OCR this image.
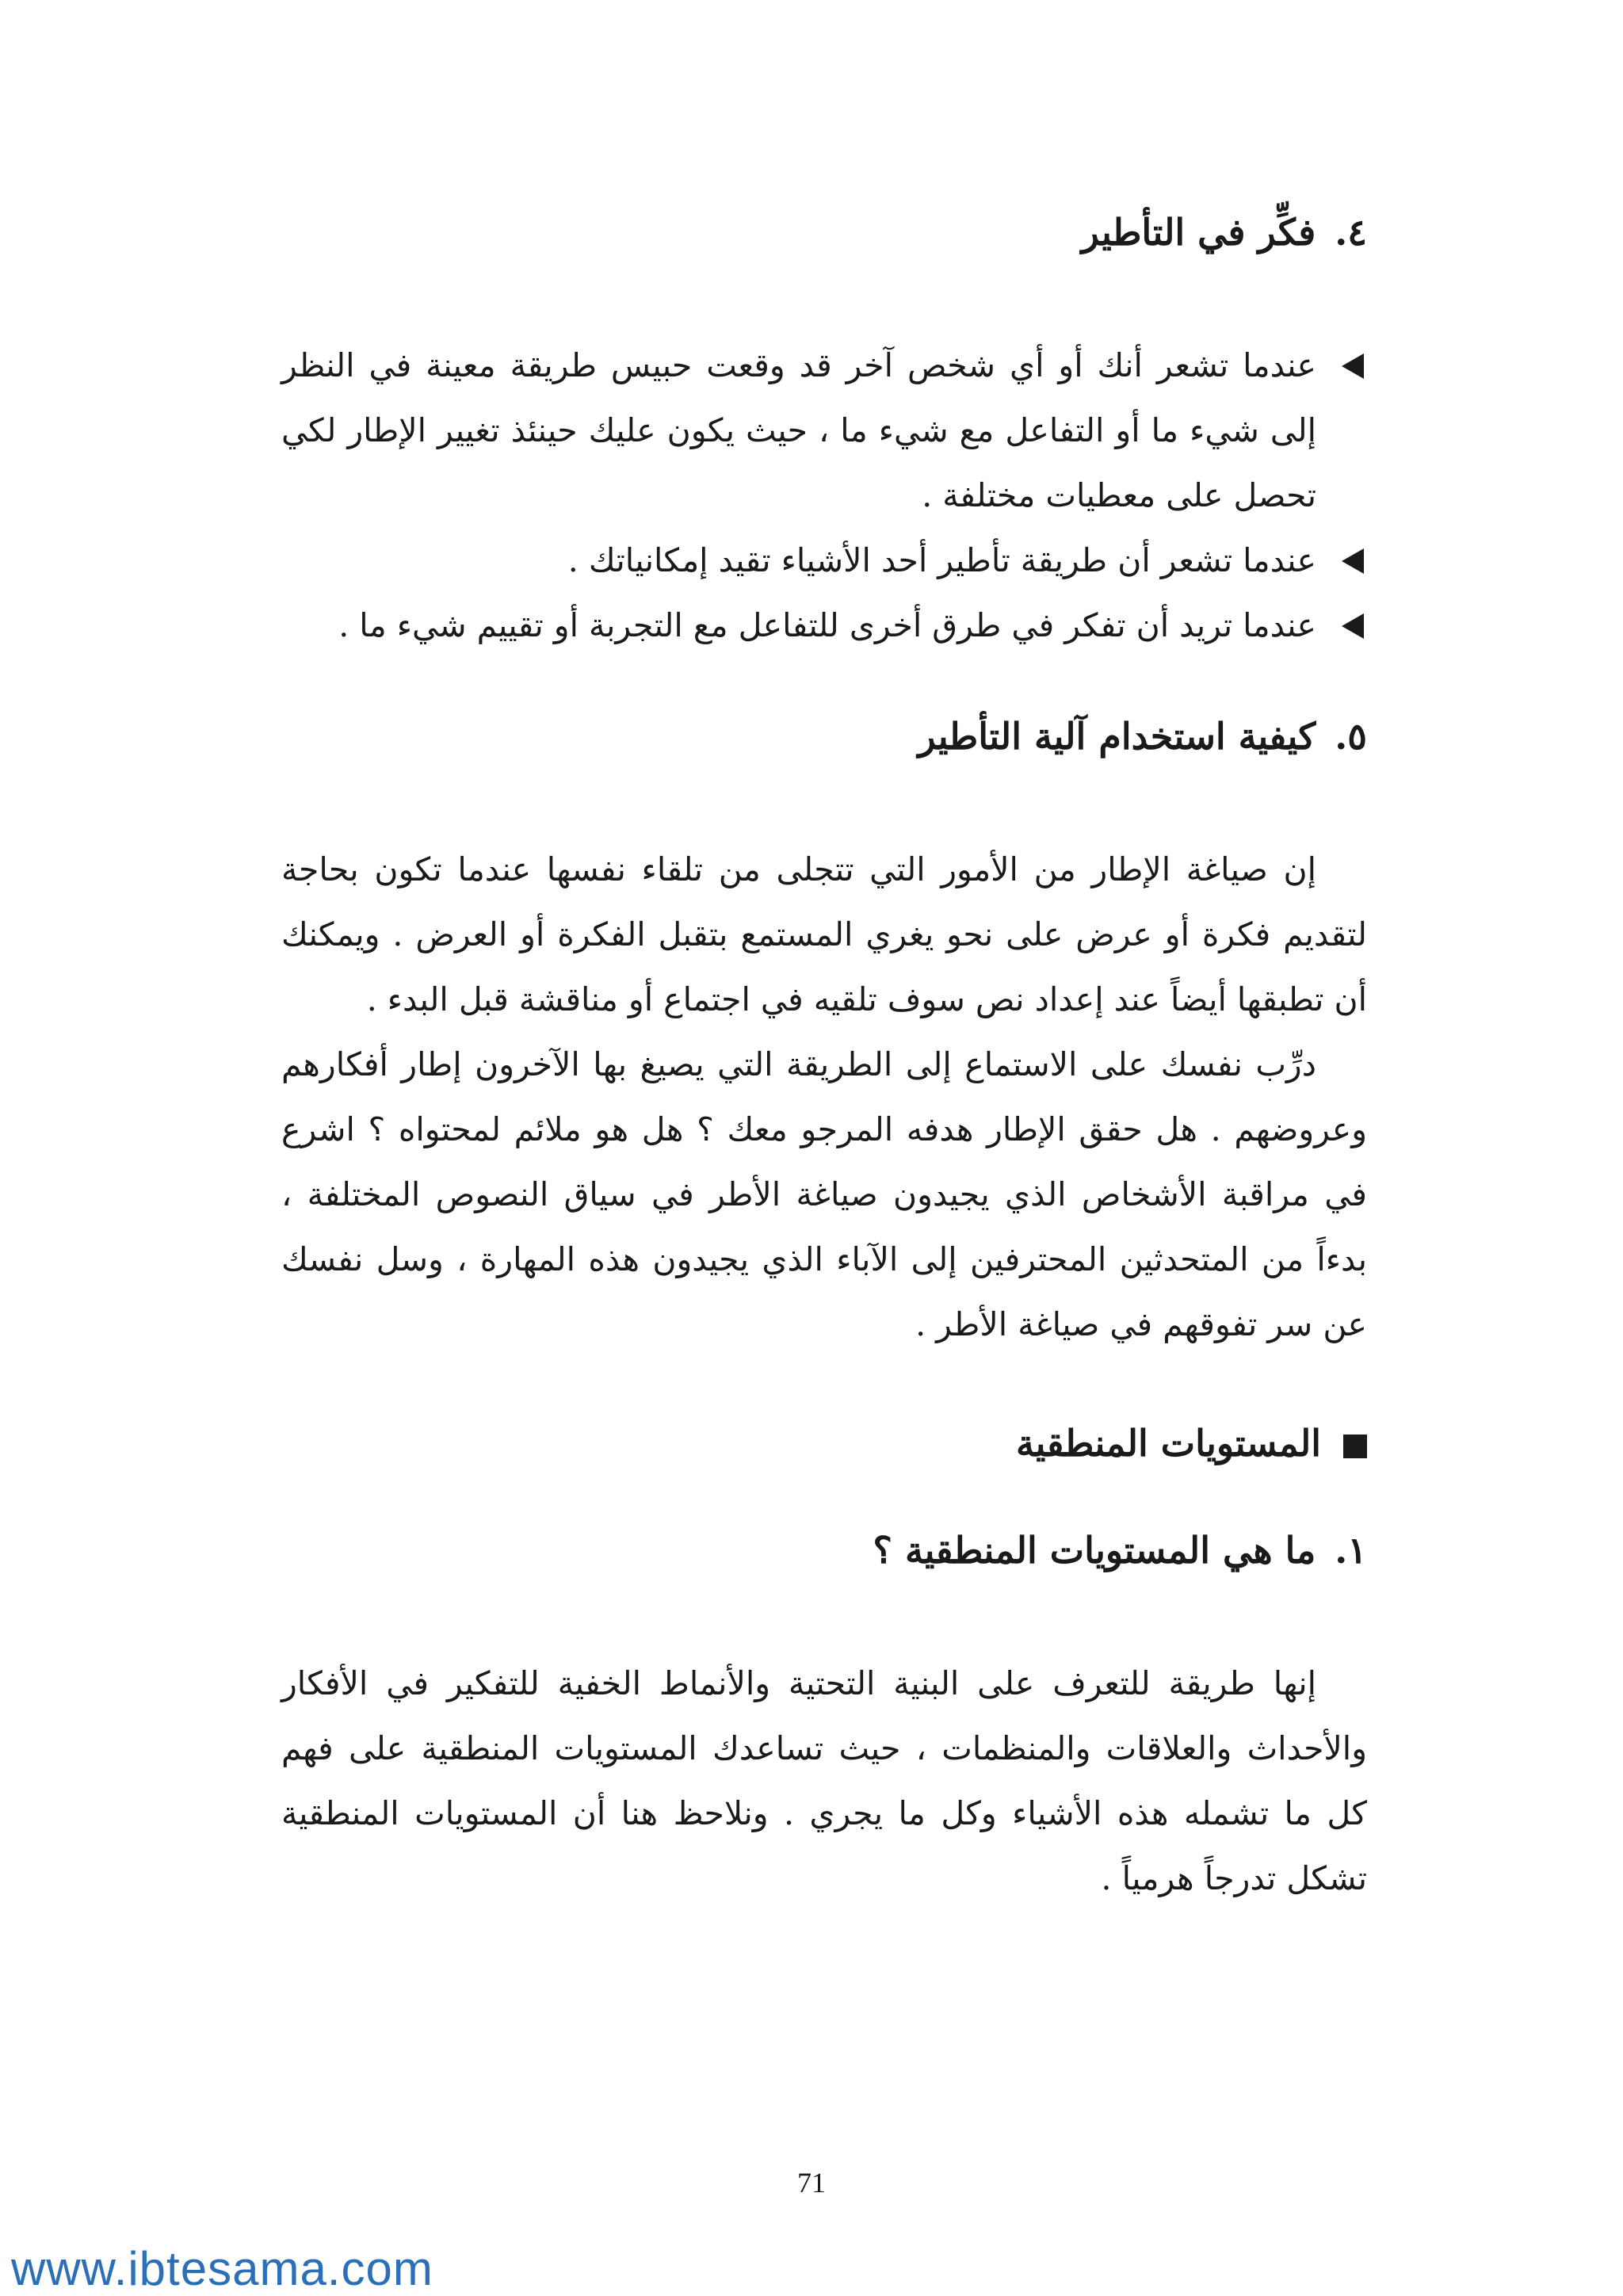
٤.فكِّر في التأطير
عندما تشعر أنك أو أي شخص آخر قد وقعت حبيس طريقة معينة في النظر إلى شيء ما أو التفاعل مع شيء ما ، حيث يكون عليك حينئذ تغيير الإطار لكي تحصل على معطيات مختلفة .
عندما تشعر أن طريقة تأطير أحد الأشياء تقيد إمكانياتك .
عندما تريد أن تفكر في طرق أخرى للتفاعل مع التجربة أو تقييم شيء ما .
٥.كيفية استخدام آلية التأطير

إن صياغة الإطار من الأمور التي تتجلى من تلقاء نفسها عندما تكون بحاجة لتقديم فكرة أو عرض على نحو يغري المستمع بتقبل الفكرة أو العرض . ويمكنك أن تطبقها أيضاً عند إعداد نص سوف تلقيه في اجتماع أو مناقشة قبل البدء .

درِّب نفسك على الاستماع إلى الطريقة التي يصيغ بها الآخرون إطار أفكارهم وعروضهم . هل حقق الإطار هدفه المرجو معك ؟ هل هو ملائم لمحتواه ؟ اشرع في مراقبة الأشخاص الذي يجيدون صياغة الأطر في سياق النصوص المختلفة ، بدءاً من المتحدثين المحترفين إلى الآباء الذي يجيدون هذه المهارة ، وسل نفسك عن سر تفوقهم في صياغة الأطر .

المستويات المنطقية
١.ما هي المستويات المنطقية ؟

إنها طريقة للتعرف على البنية التحتية والأنماط الخفية للتفكير في الأفكار والأحداث والعلاقات والمنظمات ، حيث تساعدك المستويات المنطقية على فهم كل ما تشمله هذه الأشياء وكل ما يجري . ونلاحظ هنا أن المستويات المنطقية تشكل تدرجاً هرمياً .

71
www.ibtesama.com
